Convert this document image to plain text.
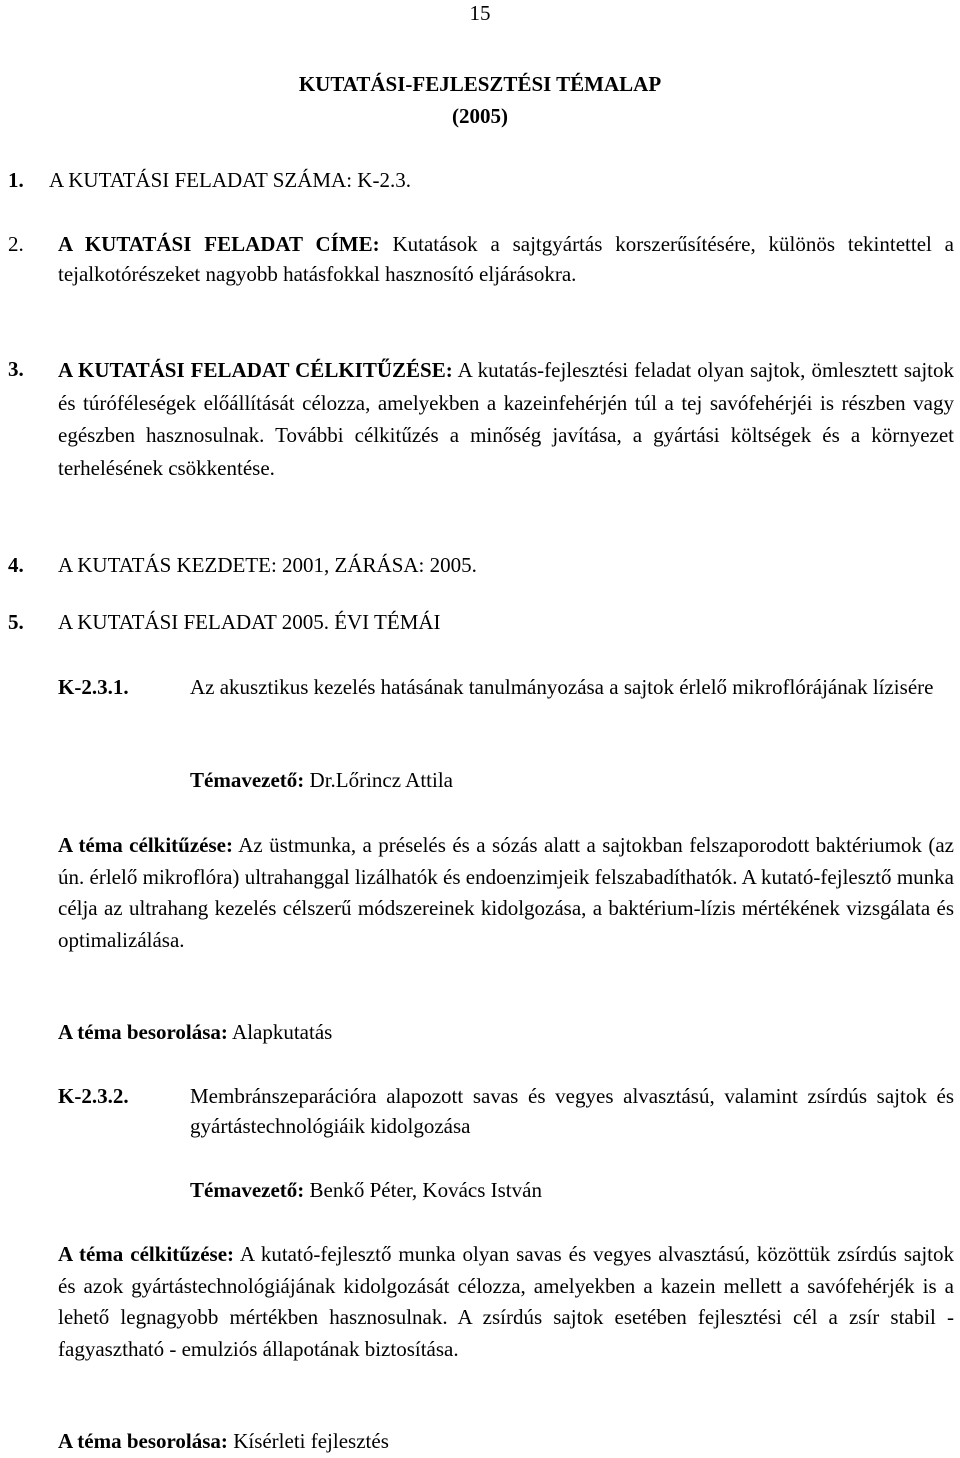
15
KUTATÁSI-FEJLESZTÉSI TÉMALAP
(2005)
1. A KUTATÁSI FELADAT SZÁMA: K-2.3.
2.	A KUTATÁSI FELADAT CÍME: Kutatások a sajtgyártás korszerűsítésére, különös tekintettel a tejalkotórészeket nagyobb hatásfokkal hasznosító eljárásokra.
3.	A KUTATÁSI FELADAT CÉLKITŰZÉSE: A kutatás-fejlesztési feladat olyan sajtok, ömlesztett sajtok és túróféleségek előállítását célozza, amelyekben a kazeinfehérjén túl a tej savófehérjéi is részben vagy egészben hasznosulnak. További célkitűzés a minőség javítása, a gyártási költségek és a környezet terhelésének csökkentése.
4.	A KUTATÁS KEZDETE: 2001, ZÁRÁSA: 2005.
5.	A KUTATÁSI FELADAT 2005. ÉVI TÉMÁI
K-2.3.1.	Az akusztikus kezelés hatásának tanulmányozása a sajtok érlelő mikroflórájának lízisére
Témavezető: Dr.Lőrincz Attila
A téma célkitűzése: Az üstmunka, a préselés és a sózás alatt a sajtokban felszaporodott baktériumok (az ún. érlelő mikroflóra) ultrahanggal lizálhatók és endoenzimjeik felszabadíthatók. A kutató-fejlesztő munka célja az ultrahang kezelés célszerű módszereinek kidolgozása, a baktérium-lízis mértékének vizsgálata és optimalizálása.
A téma besorolása: Alapkutatás
K-2.3.2.	Membránszeparációra alapozott savas és vegyes alvasztású, valamint zsírdús sajtok és gyártástechnológiáik kidolgozása
Témavezető: Benkő Péter, Kovács István
A téma célkitűzése: A kutató-fejlesztő munka olyan savas és vegyes alvasztású, közöttük zsírdús sajtok és azok gyártástechnológiájának kidolgozását célozza, amelyekben a kazein mellett a savófehérjék is a lehető legnagyobb mértékben hasznosulnak. A zsírdús sajtok esetében fejlesztési cél a zsír stabil - fagyasztható - emulziós állapotának biztosítása.
A téma besorolása: Kísérleti fejlesztés
